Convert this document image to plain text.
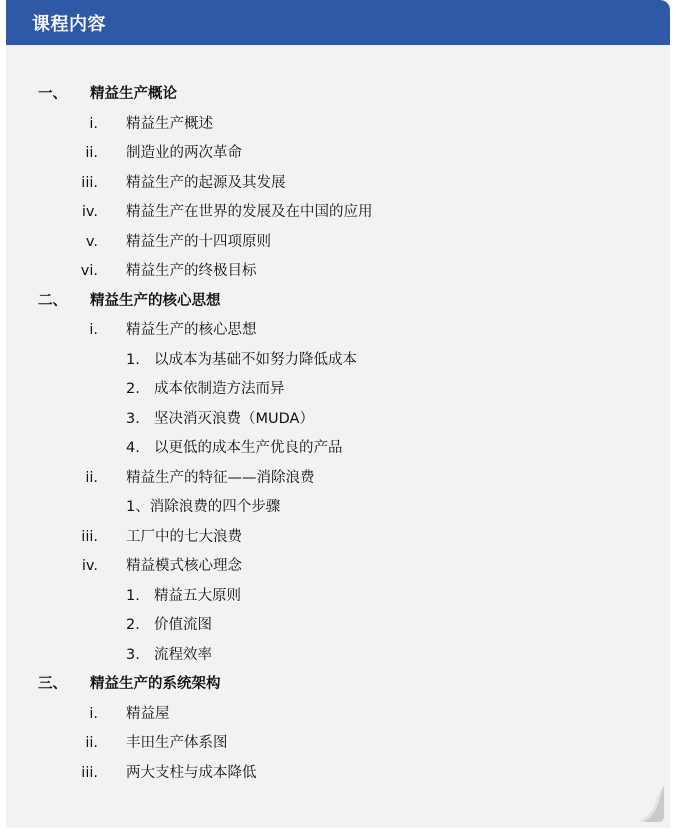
课程内容
一、 精益生产概论
i. 精益生产概述
ii. 制造业的两次革命
iii. 精益生产的起源及其发展
iv. 精益生产在世界的发展及在中国的应用
v. 精益生产的十四项原则
vi. 精益生产的终极目标
二、 精益生产的核心思想
i. 精益生产的核心思想
1. 以成本为基础不如努力降低成本
2. 成本依制造方法而异
3. 坚决消灭浪费（MUDA）
4. 以更低的成本生产优良的产品
ii. 精益生产的特征——消除浪费
1、消除浪费的四个步骤
iii. 工厂中的七大浪费
iv. 精益模式核心理念
1. 精益五大原则
2. 价值流图
3. 流程效率
三、 精益生产的系统架构
i. 精益屋
ii. 丰田生产体系图
iii. 两大支柱与成本降低
